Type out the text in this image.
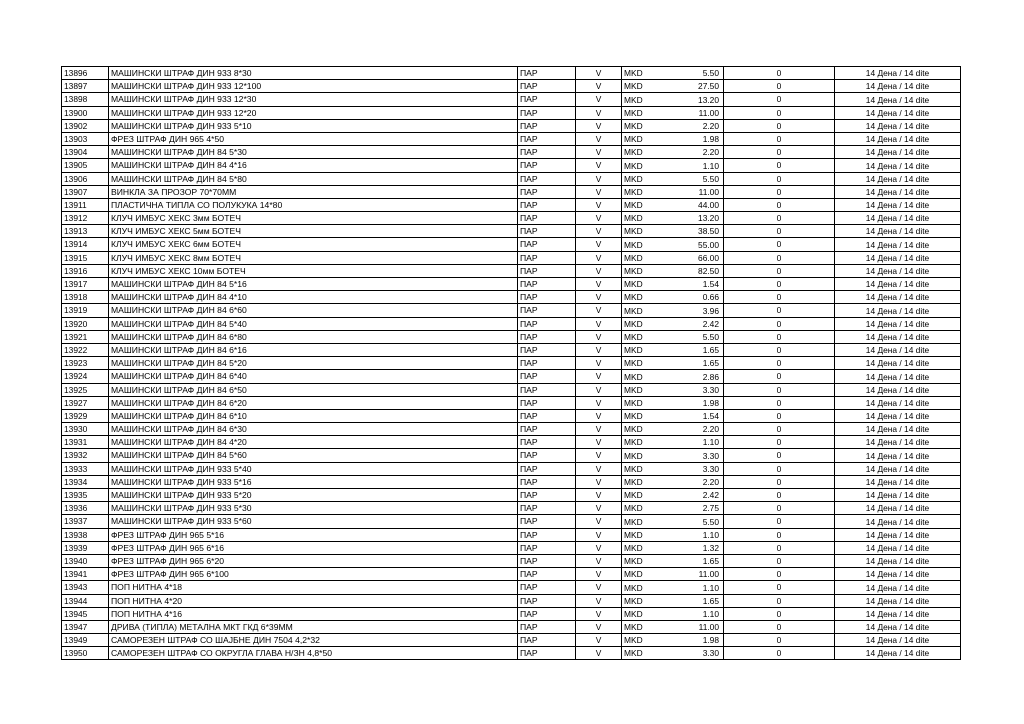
13896	МАШИНСКИ ШТРАФ ДИН 933 8*30	ПАР	V	MKD	5.50	0	14 Дена / 14 dite
13897	МАШИНСКИ ШТРАФ ДИН 933 12*100	ПАР	V	MKD	27.50	0	14 Дена / 14 dite
13898	МАШИНСКИ ШТРАФ ДИН 933 12*30	ПАР	V	MKD	13.20	0	14 Дена / 14 dite
13900	МАШИНСКИ ШТРАФ ДИН 933 12*20	ПАР	V	MKD	11.00	0	14 Дена / 14 dite
13902	МАШИНСКИ ШТРАФ ДИН 933 5*10	ПАР	V	MKD	2.20	0	14 Дена / 14 dite
13903	ФРЕЗ ШТРАФ ДИН 965 4*50	ПАР	V	MKD	1.98	0	14 Дена / 14 dite
13904	МАШИНСКИ ШТРАФ ДИН 84 5*30	ПАР	V	MKD	2.20	0	14 Дена / 14 dite
13905	МАШИНСКИ ШТРАФ ДИН 84 4*16	ПАР	V	MKD	1.10	0	14 Дена / 14 dite
13906	МАШИНСКИ ШТРАФ ДИН 84 5*80	ПАР	V	MKD	5.50	0	14 Дена / 14 dite
13907	ВИНКЛА ЗА ПРОЗОР 70*70ММ	ПАР	V	MKD	11.00	0	14 Дена / 14 dite
13911	ПЛАСТИЧНА ТИПЛА СО ПОЛУКУКА 14*80	ПАР	V	MKD	44.00	0	14 Дена / 14 dite
13912	КЛУЧ ИМБУС ХЕКС 3мм БОТЕЧ	ПАР	V	MKD	13.20	0	14 Дена / 14 dite
13913	КЛУЧ ИМБУС ХЕКС 5мм БОТЕЧ	ПАР	V	MKD	38.50	0	14 Дена / 14 dite
13914	КЛУЧ ИМБУС ХЕКС 6мм БОТЕЧ	ПАР	V	MKD	55.00	0	14 Дена / 14 dite
13915	КЛУЧ ИМБУС ХЕКС 8мм БОТЕЧ	ПАР	V	MKD	66.00	0	14 Дена / 14 dite
13916	КЛУЧ ИМБУС ХЕКС 10мм БОТЕЧ	ПАР	V	MKD	82.50	0	14 Дена / 14 dite
13917	МАШИНСКИ ШТРАФ ДИН 84 5*16	ПАР	V	MKD	1.54	0	14 Дена / 14 dite
13918	МАШИНСКИ ШТРАФ ДИН 84 4*10	ПАР	V	MKD	0.66	0	14 Дена / 14 dite
13919	МАШИНСКИ ШТРАФ ДИН 84 6*60	ПАР	V	MKD	3.96	0	14 Дена / 14 dite
13920	МАШИНСКИ ШТРАФ ДИН 84 5*40	ПАР	V	MKD	2.42	0	14 Дена / 14 dite
13921	МАШИНСКИ ШТРАФ ДИН 84 6*80	ПАР	V	MKD	5.50	0	14 Дена / 14 dite
13922	МАШИНСКИ ШТРАФ ДИН 84 6*16	ПАР	V	MKD	1.65	0	14 Дена / 14 dite
13923	МАШИНСКИ ШТРАФ ДИН 84 5*20	ПАР	V	MKD	1.65	0	14 Дена / 14 dite
13924	МАШИНСКИ ШТРАФ ДИН 84 6*40	ПАР	V	MKD	2.86	0	14 Дена / 14 dite
13925	МАШИНСКИ ШТРАФ ДИН 84 6*50	ПАР	V	MKD	3.30	0	14 Дена / 14 dite
13927	МАШИНСКИ ШТРАФ ДИН 84 6*20	ПАР	V	MKD	1.98	0	14 Дена / 14 dite
13929	МАШИНСКИ ШТРАФ ДИН 84 6*10	ПАР	V	MKD	1.54	0	14 Дена / 14 dite
13930	МАШИНСКИ ШТРАФ ДИН 84 6*30	ПАР	V	MKD	2.20	0	14 Дена / 14 dite
13931	МАШИНСКИ ШТРАФ ДИН 84 4*20	ПАР	V	MKD	1.10	0	14 Дена / 14 dite
13932	МАШИНСКИ ШТРАФ ДИН 84 5*60	ПАР	V	MKD	3.30	0	14 Дена / 14 dite
13933	МАШИНСКИ ШТРАФ ДИН 933 5*40	ПАР	V	MKD	3.30	0	14 Дена / 14 dite
13934	МАШИНСКИ ШТРАФ ДИН 933 5*16	ПАР	V	MKD	2.20	0	14 Дена / 14 dite
13935	МАШИНСКИ ШТРАФ ДИН 933 5*20	ПАР	V	MKD	2.42	0	14 Дена / 14 dite
13936	МАШИНСКИ ШТРАФ ДИН 933 5*30	ПАР	V	MKD	2.75	0	14 Дена / 14 dite
13937	МАШИНСКИ ШТРАФ ДИН 933 5*60	ПАР	V	MKD	5.50	0	14 Дена / 14 dite
13938	ФРЕЗ ШТРАФ ДИН 965 5*16	ПАР	V	MKD	1.10	0	14 Дена / 14 dite
13939	ФРЕЗ ШТРАФ ДИН 965 6*16	ПАР	V	MKD	1.32	0	14 Дена / 14 dite
13940	ФРЕЗ ШТРАФ ДИН 965 6*20	ПАР	V	MKD	1.65	0	14 Дена / 14 dite
13941	ФРЕЗ ШТРАФ ДИН 965 6*100	ПАР	V	MKD	11.00	0	14 Дена / 14 dite
13943	ПОП НИТНА 4*18	ПАР	V	MKD	1.10	0	14 Дена / 14 dite
13944	ПОП НИТНА 4*20	ПАР	V	MKD	1.65	0	14 Дена / 14 dite
13945	ПОП НИТНА 4*16	ПАР	V	MKD	1.10	0	14 Дена / 14 dite
13947	ДРИВА (ТИПЛА) МЕТАЛНА МКТ ГКД 6*39ММ	ПАР	V	MKD	11.00	0	14 Дена / 14 dite
13949	САМОРЕЗЕН ШТРАФ СО ШАЈБНЕ ДИН 7504 4,2*32	ПАР	V	MKD	1.98	0	14 Дена / 14 dite
13950	САМОРЕЗЕН ШТРАФ СО ОКРУГЛА ГЛАВА Н/ЗН 4,8*50	ПАР	V	MKD	3.30	0	14 Дена / 14 dite
